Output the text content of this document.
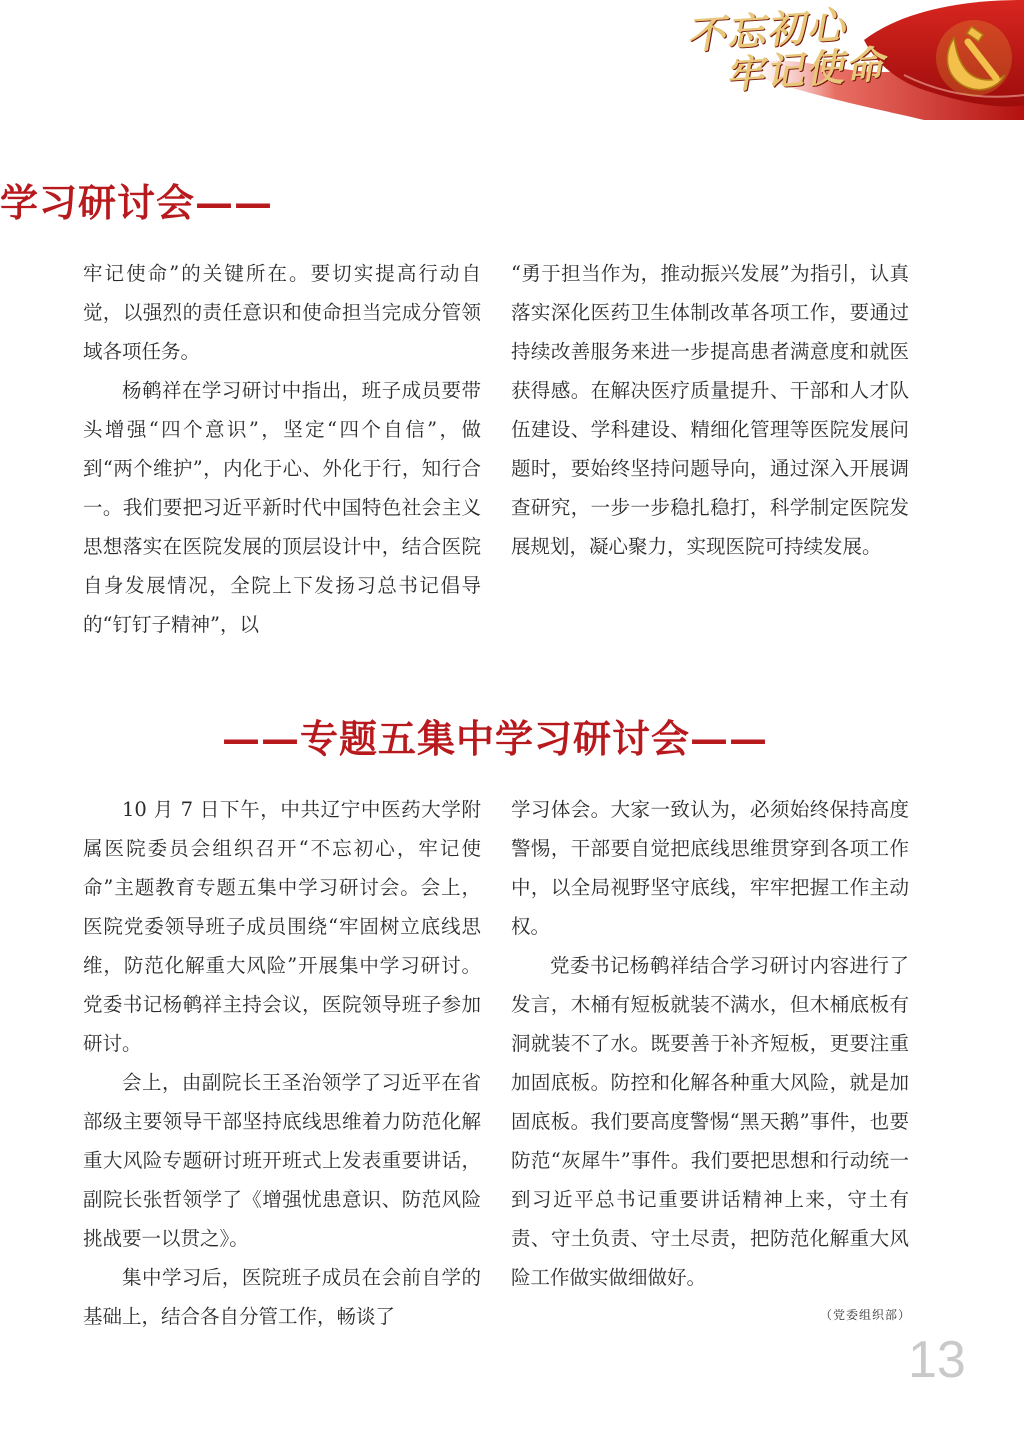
不忘初心
牢记使命
学习研讨会——

牢记使命”的关键所在。要切实提高行动自觉，以强烈的责任意识和使命担当完成分管领域各项任务。

杨鹌祥在学习研讨中指出，班子成员要带头增强“四个意识”，坚定“四个自信”，做到“两个维护”，内化于心、外化于行，知行合一。我们要把习近平新时代中国特色社会主义思想落实在医院发展的顶层设计中，结合医院自身发展情况，全院上下发扬习总书记倡导的“钉钉子精神”，以

“勇于担当作为，推动振兴发展”为指引，认真落实深化医药卫生体制改革各项工作，要通过持续改善服务来进一步提高患者满意度和就医获得感。在解决医疗质量提升、干部和人才队伍建设、学科建设、精细化管理等医院发展问题时，要始终坚持问题导向，通过深入开展调查研究，一步一步稳扎稳打，科学制定医院发展规划，凝心聚力，实现医院可持续发展。

——专题五集中学习研讨会——

10 月 7 日下午，中共辽宁中医药大学附属医院委员会组织召开“不忘初心，牢记使命”主题教育专题五集中学习研讨会。会上，医院党委领导班子成员围绕“牢固树立底线思维，防范化解重大风险”开展集中学习研讨。党委书记杨鹌祥主持会议，医院领导班子参加研讨。

会上，由副院长王圣治领学了习近平在省部级主要领导干部坚持底线思维着力防范化解重大风险专题研讨班开班式上发表重要讲话，副院长张哲领学了《增强忧患意识、防范风险挑战要一以贯之》。

集中学习后，医院班子成员在会前自学的基础上，结合各自分管工作，畅谈了

学习体会。大家一致认为，必须始终保持高度警惕，干部要自觉把底线思维贯穿到各项工作中，以全局视野坚守底线，牢牢把握工作主动权。

党委书记杨鹌祥结合学习研讨内容进行了发言，木桶有短板就装不满水，但木桶底板有洞就装不了水。既要善于补齐短板，更要注重加固底板。防控和化解各种重大风险，就是加固底板。我们要高度警惕“黑天鹅”事件，也要防范“灰犀牛”事件。我们要把思想和行动统一到习近平总书记重要讲话精神上来，守土有责、守土负责、守土尽责，把防范化解重大风险工作做实做细做好。

（党委组织部）
13
